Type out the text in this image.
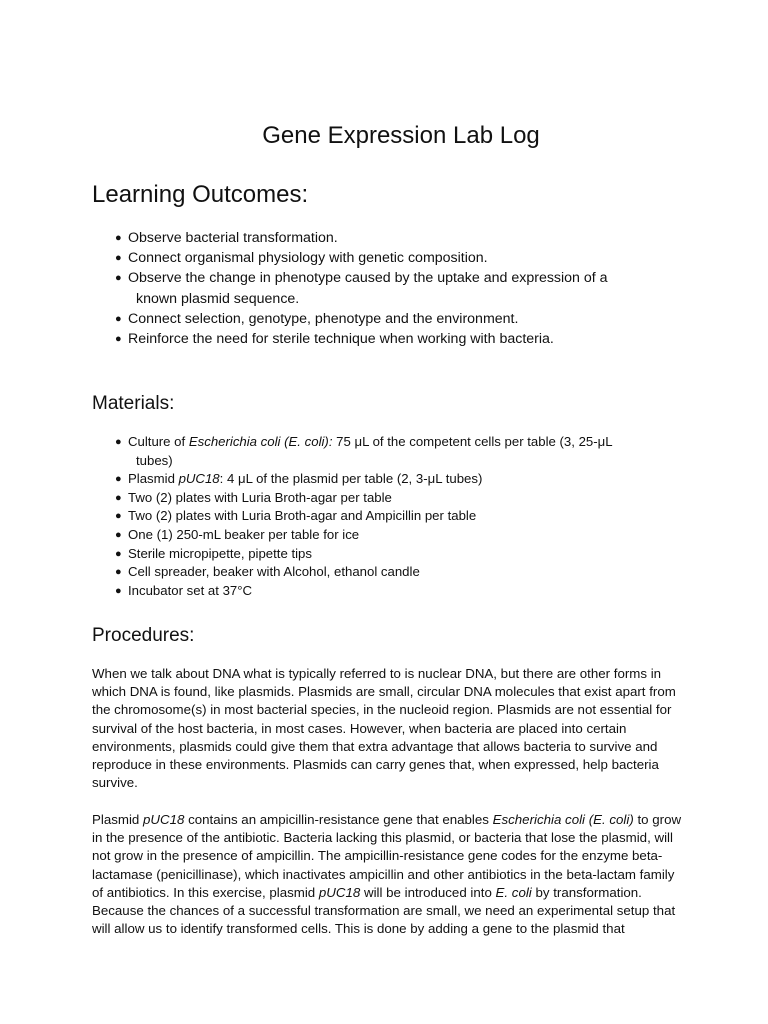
Gene Expression Lab Log
Learning Outcomes:
● Observe bacterial transformation.
● Connect organismal physiology with genetic composition.
● Observe the change in phenotype caused by the uptake and expression of a
known plasmid sequence.
● Connect selection, genotype, phenotype and the environment.
● Reinforce the need for sterile technique when working with bacteria.
Materials:
● Culture of Escherichia coli (E. coli): 75 μL of the competent cells per table (3, 25-μL
tubes)
● Plasmid pUC18: 4 μL of the plasmid per table (2, 3-μL tubes)
● Two (2) plates with Luria Broth-agar per table
● Two (2) plates with Luria Broth-agar and Ampicillin per table
● One (1) 250-mL beaker per table for ice
● Sterile micropipette, pipette tips
● Cell spreader, beaker with Alcohol, ethanol candle
● Incubator set at 37°C
Procedures:

When we talk about DNA what is typically referred to is nuclear DNA, but there are other forms in which DNA is found, like plasmids. Plasmids are small, circular DNA molecules that exist apart from the chromosome(s) in most bacterial species, in the nucleoid region. Plasmids are not essential for survival of the host bacteria, in most cases. However, when bacteria are placed into certain environments, plasmids could give them that extra advantage that allows bacteria to survive and reproduce in these environments. Plasmids can carry genes that, when expressed, help bacteria survive.

Plasmid pUC18 contains an ampicillin-resistance gene that enables Escherichia coli (E. coli) to grow in the presence of the antibiotic. Bacteria lacking this plasmid, or bacteria that lose the plasmid, will not grow in the presence of ampicillin. The ampicillin-resistance gene codes for the enzyme beta-lactamase (penicillinase), which inactivates ampicillin and other antibiotics in the beta-lactam family of antibiotics. In this exercise, plasmid pUC18 will be introduced into E. coli by transformation.
Because the chances of a successful transformation are small, we need an experimental setup that will allow us to identify transformed cells. This is done by adding a gene to the plasmid that
